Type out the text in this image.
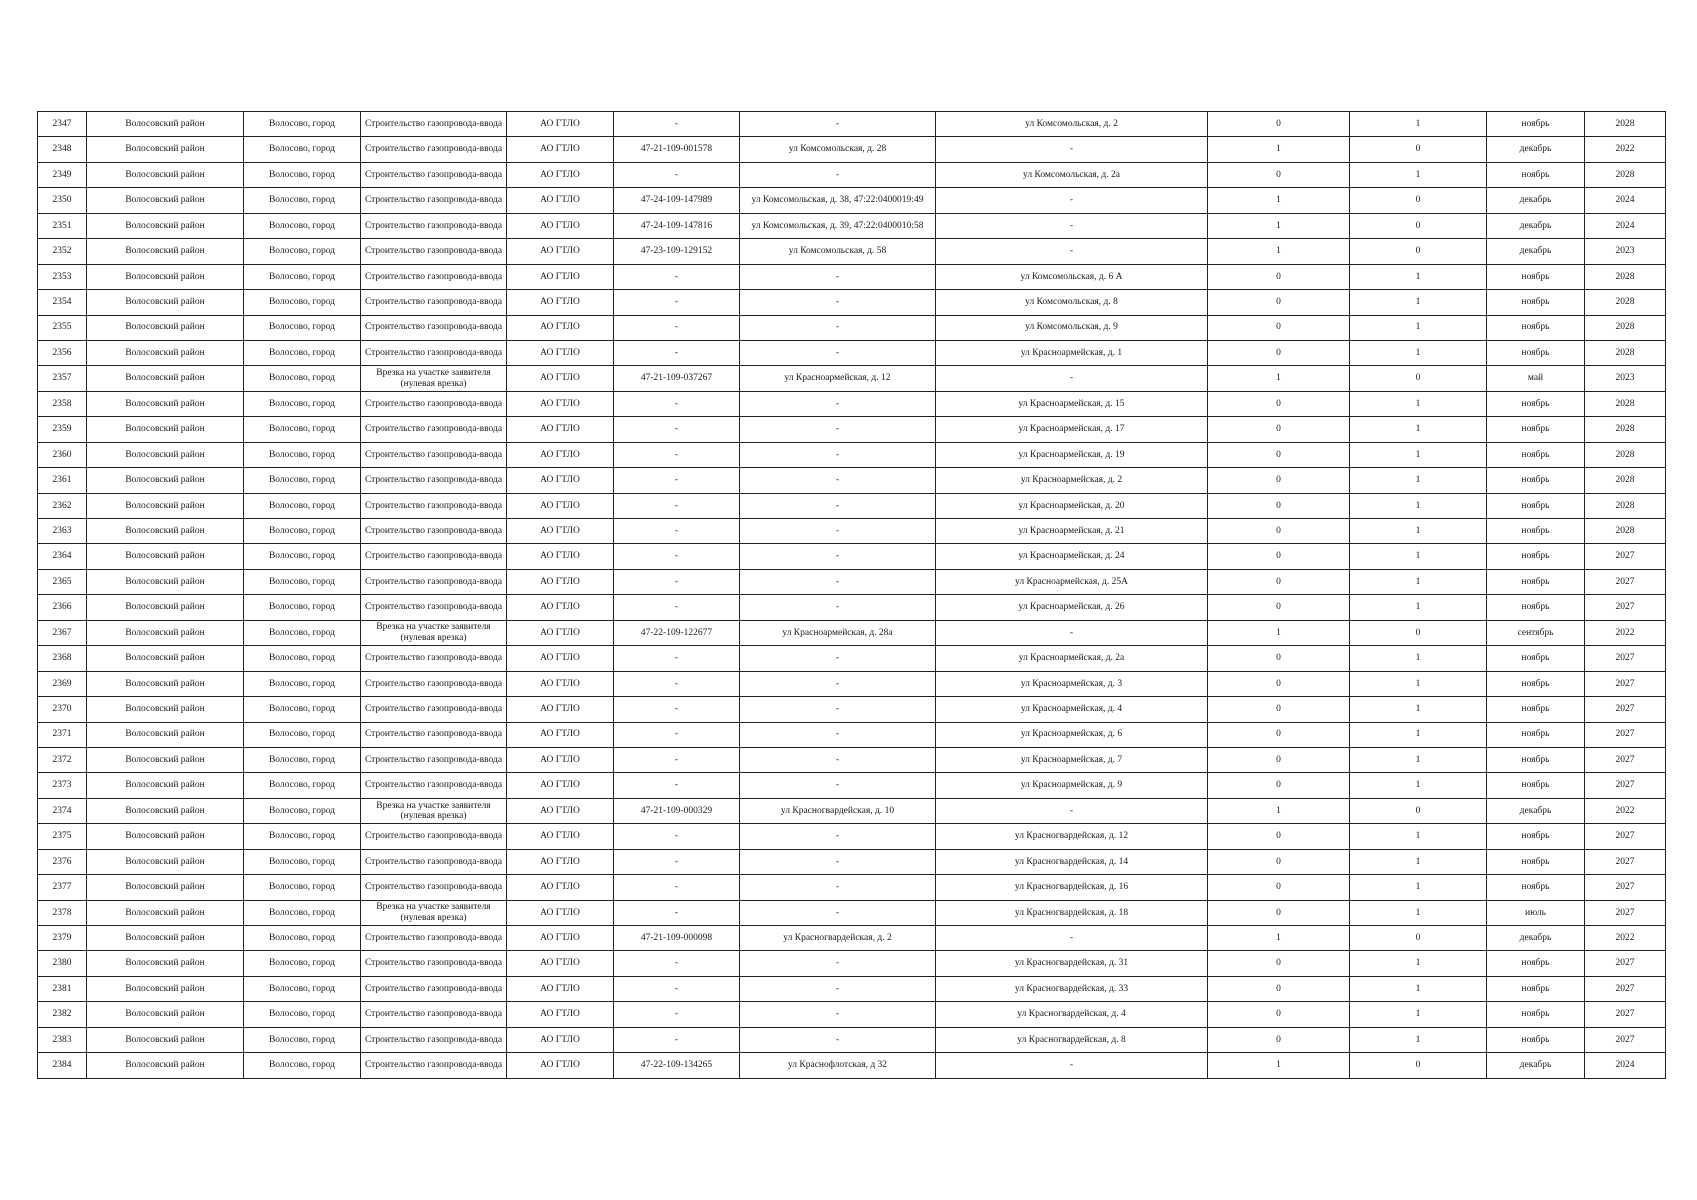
2347	Волосовский район	Волосово, город	Строительство газопровода-ввода	АО ГТЛО	-	-	ул Комсомольская, д. 2	0	1	ноябрь	2028
2348	Волосовский район	Волосово, город	Строительство газопровода-ввода	АО ГТЛО	47-21-109-001578	ул Комсомольская, д. 28	-	1	0	декабрь	2022
2349	Волосовский район	Волосово, город	Строительство газопровода-ввода	АО ГТЛО	-	-	ул Комсомольская, д. 2а	0	1	ноябрь	2028
2350	Волосовский район	Волосово, город	Строительство газопровода-ввода	АО ГТЛО	47-24-109-147989	ул Комсомольская, д. 38, 47:22:0400019:49	-	1	0	декабрь	2024
2351	Волосовский район	Волосово, город	Строительство газопровода-ввода	АО ГТЛО	47-24-109-147816	ул Комсомольская, д. 39, 47:22:0400010:58	-	1	0	декабрь	2024
2352	Волосовский район	Волосово, город	Строительство газопровода-ввода	АО ГТЛО	47-23-109-129152	ул Комсомольская, д. 58	-	1	0	декабрь	2023
2353	Волосовский район	Волосово, город	Строительство газопровода-ввода	АО ГТЛО	-	-	ул Комсомольская, д. 6 А	0	1	ноябрь	2028
2354	Волосовский район	Волосово, город	Строительство газопровода-ввода	АО ГТЛО	-	-	ул Комсомольская, д. 8	0	1	ноябрь	2028
2355	Волосовский район	Волосово, город	Строительство газопровода-ввода	АО ГТЛО	-	-	ул Комсомольская, д. 9	0	1	ноябрь	2028
2356	Волосовский район	Волосово, город	Строительство газопровода-ввода	АО ГТЛО	-	-	ул Красноармейская, д. 1	0	1	ноябрь	2028
2357	Волосовский район	Волосово, город	Врезка на участке заявителя (нулевая врезка)	АО ГТЛО	47-21-109-037267	ул Красноармейская, д. 12	-	1	0	май	2023
2358	Волосовский район	Волосово, город	Строительство газопровода-ввода	АО ГТЛО	-	-	ул Красноармейская, д. 15	0	1	ноябрь	2028
2359	Волосовский район	Волосово, город	Строительство газопровода-ввода	АО ГТЛО	-	-	ул Красноармейская, д. 17	0	1	ноябрь	2028
2360	Волосовский район	Волосово, город	Строительство газопровода-ввода	АО ГТЛО	-	-	ул Красноармейская, д. 19	0	1	ноябрь	2028
2361	Волосовский район	Волосово, город	Строительство газопровода-ввода	АО ГТЛО	-	-	ул Красноармейская, д. 2	0	1	ноябрь	2028
2362	Волосовский район	Волосово, город	Строительство газопровода-ввода	АО ГТЛО	-	-	ул Красноармейская, д. 20	0	1	ноябрь	2028
2363	Волосовский район	Волосово, город	Строительство газопровода-ввода	АО ГТЛО	-	-	ул Красноармейская, д. 21	0	1	ноябрь	2028
2364	Волосовский район	Волосово, город	Строительство газопровода-ввода	АО ГТЛО	-	-	ул Красноармейская, д. 24	0	1	ноябрь	2027
2365	Волосовский район	Волосово, город	Строительство газопровода-ввода	АО ГТЛО	-	-	ул Красноармейская, д. 25А	0	1	ноябрь	2027
2366	Волосовский район	Волосово, город	Строительство газопровода-ввода	АО ГТЛО	-	-	ул Красноармейская, д. 26	0	1	ноябрь	2027
2367	Волосовский район	Волосово, город	Врезка на участке заявителя (нулевая врезка)	АО ГТЛО	47-22-109-122677	ул Красноармейская, д. 28а	-	1	0	сентябрь	2022
2368	Волосовский район	Волосово, город	Строительство газопровода-ввода	АО ГТЛО	-	-	ул Красноармейская, д. 2а	0	1	ноябрь	2027
2369	Волосовский район	Волосово, город	Строительство газопровода-ввода	АО ГТЛО	-	-	ул Красноармейская, д. 3	0	1	ноябрь	2027
2370	Волосовский район	Волосово, город	Строительство газопровода-ввода	АО ГТЛО	-	-	ул Красноармейская, д. 4	0	1	ноябрь	2027
2371	Волосовский район	Волосово, город	Строительство газопровода-ввода	АО ГТЛО	-	-	ул Красноармейская, д. 6	0	1	ноябрь	2027
2372	Волосовский район	Волосово, город	Строительство газопровода-ввода	АО ГТЛО	-	-	ул Красноармейская, д. 7	0	1	ноябрь	2027
2373	Волосовский район	Волосово, город	Строительство газопровода-ввода	АО ГТЛО	-	-	ул Красноармейская, д. 9	0	1	ноябрь	2027
2374	Волосовский район	Волосово, город	Врезка на участке заявителя (нулевая врезка)	АО ГТЛО	47-21-109-000329	ул Красногвардейская, д. 10	-	1	0	декабрь	2022
2375	Волосовский район	Волосово, город	Строительство газопровода-ввода	АО ГТЛО	-	-	ул Красногвардейская, д. 12	0	1	ноябрь	2027
2376	Волосовский район	Волосово, город	Строительство газопровода-ввода	АО ГТЛО	-	-	ул Красногвардейская, д. 14	0	1	ноябрь	2027
2377	Волосовский район	Волосово, город	Строительство газопровода-ввода	АО ГТЛО	-	-	ул Красногвардейская, д. 16	0	1	ноябрь	2027
2378	Волосовский район	Волосово, город	Врезка на участке заявителя (нулевая врезка)	АО ГТЛО	-	-	ул Красногвардейская, д. 18	0	1	июль	2027
2379	Волосовский район	Волосово, город	Строительство газопровода-ввода	АО ГТЛО	47-21-109-000098	ул Красногвардейская, д. 2	-	1	0	декабрь	2022
2380	Волосовский район	Волосово, город	Строительство газопровода-ввода	АО ГТЛО	-	-	ул Красногвардейская, д. 31	0	1	ноябрь	2027
2381	Волосовский район	Волосово, город	Строительство газопровода-ввода	АО ГТЛО	-	-	ул Красногвардейская, д. 33	0	1	ноябрь	2027
2382	Волосовский район	Волосово, город	Строительство газопровода-ввода	АО ГТЛО	-	-	ул Красногвардейская, д. 4	0	1	ноябрь	2027
2383	Волосовский район	Волосово, город	Строительство газопровода-ввода	АО ГТЛО	-	-	ул Красногвардейская, д. 8	0	1	ноябрь	2027
2384	Волосовский район	Волосово, город	Строительство газопровода-ввода	АО ГТЛО	47-22-109-134265	ул Краснофлотская, д 32	-	1	0	декабрь	2024
